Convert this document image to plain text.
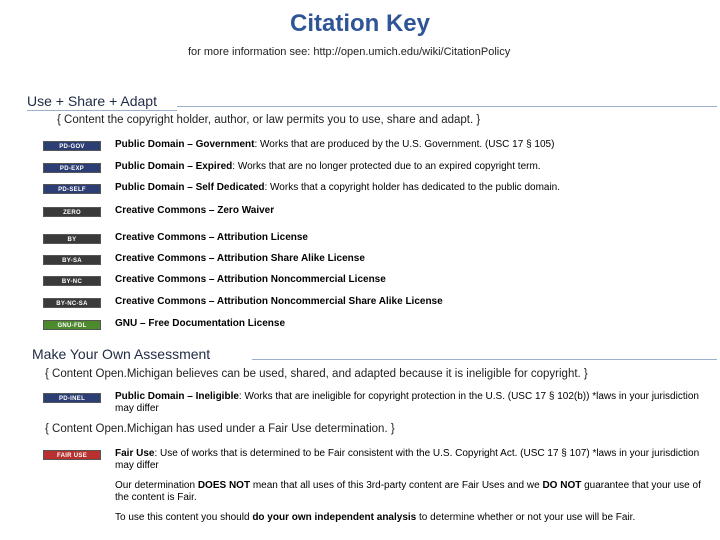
Citation Key
for more information see: http://open.umich.edu/wiki/CitationPolicy
Use + Share + Adapt
{ Content the copyright holder, author, or law permits you to use, share and adapt. }
PD-GOV	Public Domain – Government: Works that are produced by the U.S. Government. (USC 17 § 105)
PD-EXP	Public Domain – Expired: Works that are no longer protected due to an expired copyright term.
PD-SELF	Public Domain – Self Dedicated: Works that a copyright holder has dedicated to the public domain.
ZERO	Creative Commons – Zero Waiver
BY	Creative Commons – Attribution License
BY-SA	Creative Commons – Attribution Share Alike License
BY-NC	Creative Commons – Attribution Noncommercial License
BY-NC-SA	Creative Commons – Attribution Noncommercial Share Alike License
GNU-FDL	GNU – Free Documentation License
Make Your Own Assessment
{ Content Open.Michigan believes can be used, shared, and adapted because it is ineligible for copyright. }
PD-INEL	Public Domain – Ineligible: Works that are ineligible for copyright protection in the U.S. (USC 17 § 102(b)) *laws in your jurisdiction may differ
{ Content Open.Michigan has used under a Fair Use determination. }
FAIR USE	Fair Use: Use of works that is determined to be Fair consistent with the U.S. Copyright Act. (USC 17 § 107) *laws in your jurisdiction may differ
Our determination DOES NOT mean that all uses of this 3rd-party content are Fair Uses and we DO NOT guarantee that your use of the content is Fair.
To use this content you should do your own independent analysis to determine whether or not your use will be Fair.
